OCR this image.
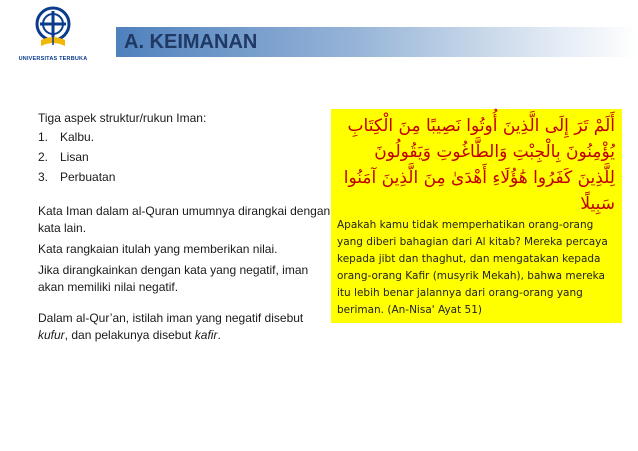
UNIVERSITAS TERBUKA
A. KEIMANAN

Tiga aspek struktur/rukun Iman:

1. Kalbu.
2. Lisan
3. Perbuatan

Kata Iman dalam al-Quran umumnya dirangkai dengan kata lain.

Kata rangkaian itulah yang memberikan nilai.

Jika dirangkainkan dengan kata yang negatif, iman akan memiliki nilai negatif.

Dalam al-Qur’an, istilah iman yang negatif disebut kufur, dan pelakunya disebut kafir.

أَلَمْ تَرَ إِلَى الَّذِينَ أُوتُوا نَصِيبًا مِنَ الْكِتَابِ يُؤْمِنُونَ بِالْجِبْتِ وَالطَّاغُوتِ وَيَقُولُونَ لِلَّذِينَ كَفَرُوا هَٰؤُلَاءِ أَهْدَىٰ مِنَ الَّذِينَ آمَنُوا سَبِيلًا
Apakah kamu tidak memperhatikan orang-orang yang diberi bahagian dari Al kitab? Mereka percaya kepada jibt dan thaghut, dan mengatakan kepada orang-orang Kafir (musyrik Mekah), bahwa mereka itu lebih benar jalannya dari orang-orang yang beriman. (An-Nisa' Ayat 51)
